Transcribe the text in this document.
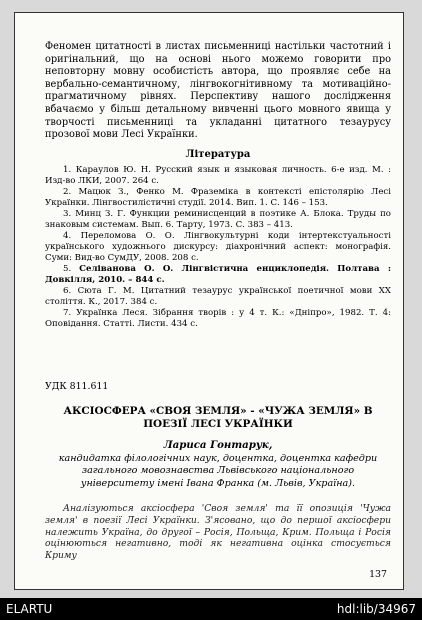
Феномен цитатності в листах письменниці настільки частотний і оригінальний, що на основі нього можемо говорити про неповторну мовну особистість автора, що проявляє себе на вербально-семантичному, лінгвокогнітивному та мотиваційно-прагматичному рівнях. Перспективу нашого дослідження вбачаємо у більш детальному вивченні цього мовного явища у творчості письменниці та укладанні цитатного тезаурусу прозової мови Лесі Українки.

Література

1. Караулов Ю. Н. Русский язык и языковая личность. 6-е изд. М. : Изд-во ЛКИ, 2007. 264 с.

2. Мацюк З., Фенко М. Фраземіка в контексті епістолярію Лесі Українки. Лінгвостилістичні студії. 2014. Вип. 1. С. 146 – 153.

3. Минц З. Г. Функции реминисценций в поэтике А. Блока. Труды по знаковым системам. Вып. 6. Тарту, 1973. С. 383 – 413.

4. Переломова О. О. Лінгвокультурні коди інтертекстуальності українського художнього дискурсу: діахронічний аспект: монографія. Суми: Вид-во СумДУ, 2008. 208 с.

5. Селіванова О. О. Лінгвістична енциклопедія. Полтава : Довкілля, 2010. – 844 с.

6. Сюта Г. М. Цитатний тезаурус української поетичної мови XX століття. К., 2017. 384 с.

7. Українка Леся. Зібрання творів : у 4 т. К.: «Дніпро», 1982. Т. 4: Оповідання. Статті. Листи. 434 с.

УДК 811.611
АКСІОСФЕРА «СВОЯ ЗЕМЛЯ» - «ЧУЖА ЗЕМЛЯ» В ПОЕЗІЇ ЛЕСІ УКРАЇНКИ
Лариса Гонтарук,
кандидатка філологічних наук, доцентка, доцентка кафедри загального мовознавства Львівського національного університету імені Івана Франка (м. Львів, Україна).

Аналізуються аксіосфера 'Своя земля' та її опозиція 'Чужа земля' в поезії Лесі Українки. З'ясовано, що до першої аксіосфери належить Україна, до другої – Росія, Польща, Крим. Польща і Росія оцінюються негативно, тоді як негативна оцінка стосується Криму

137
ELARTU	hdl:lib/34967
